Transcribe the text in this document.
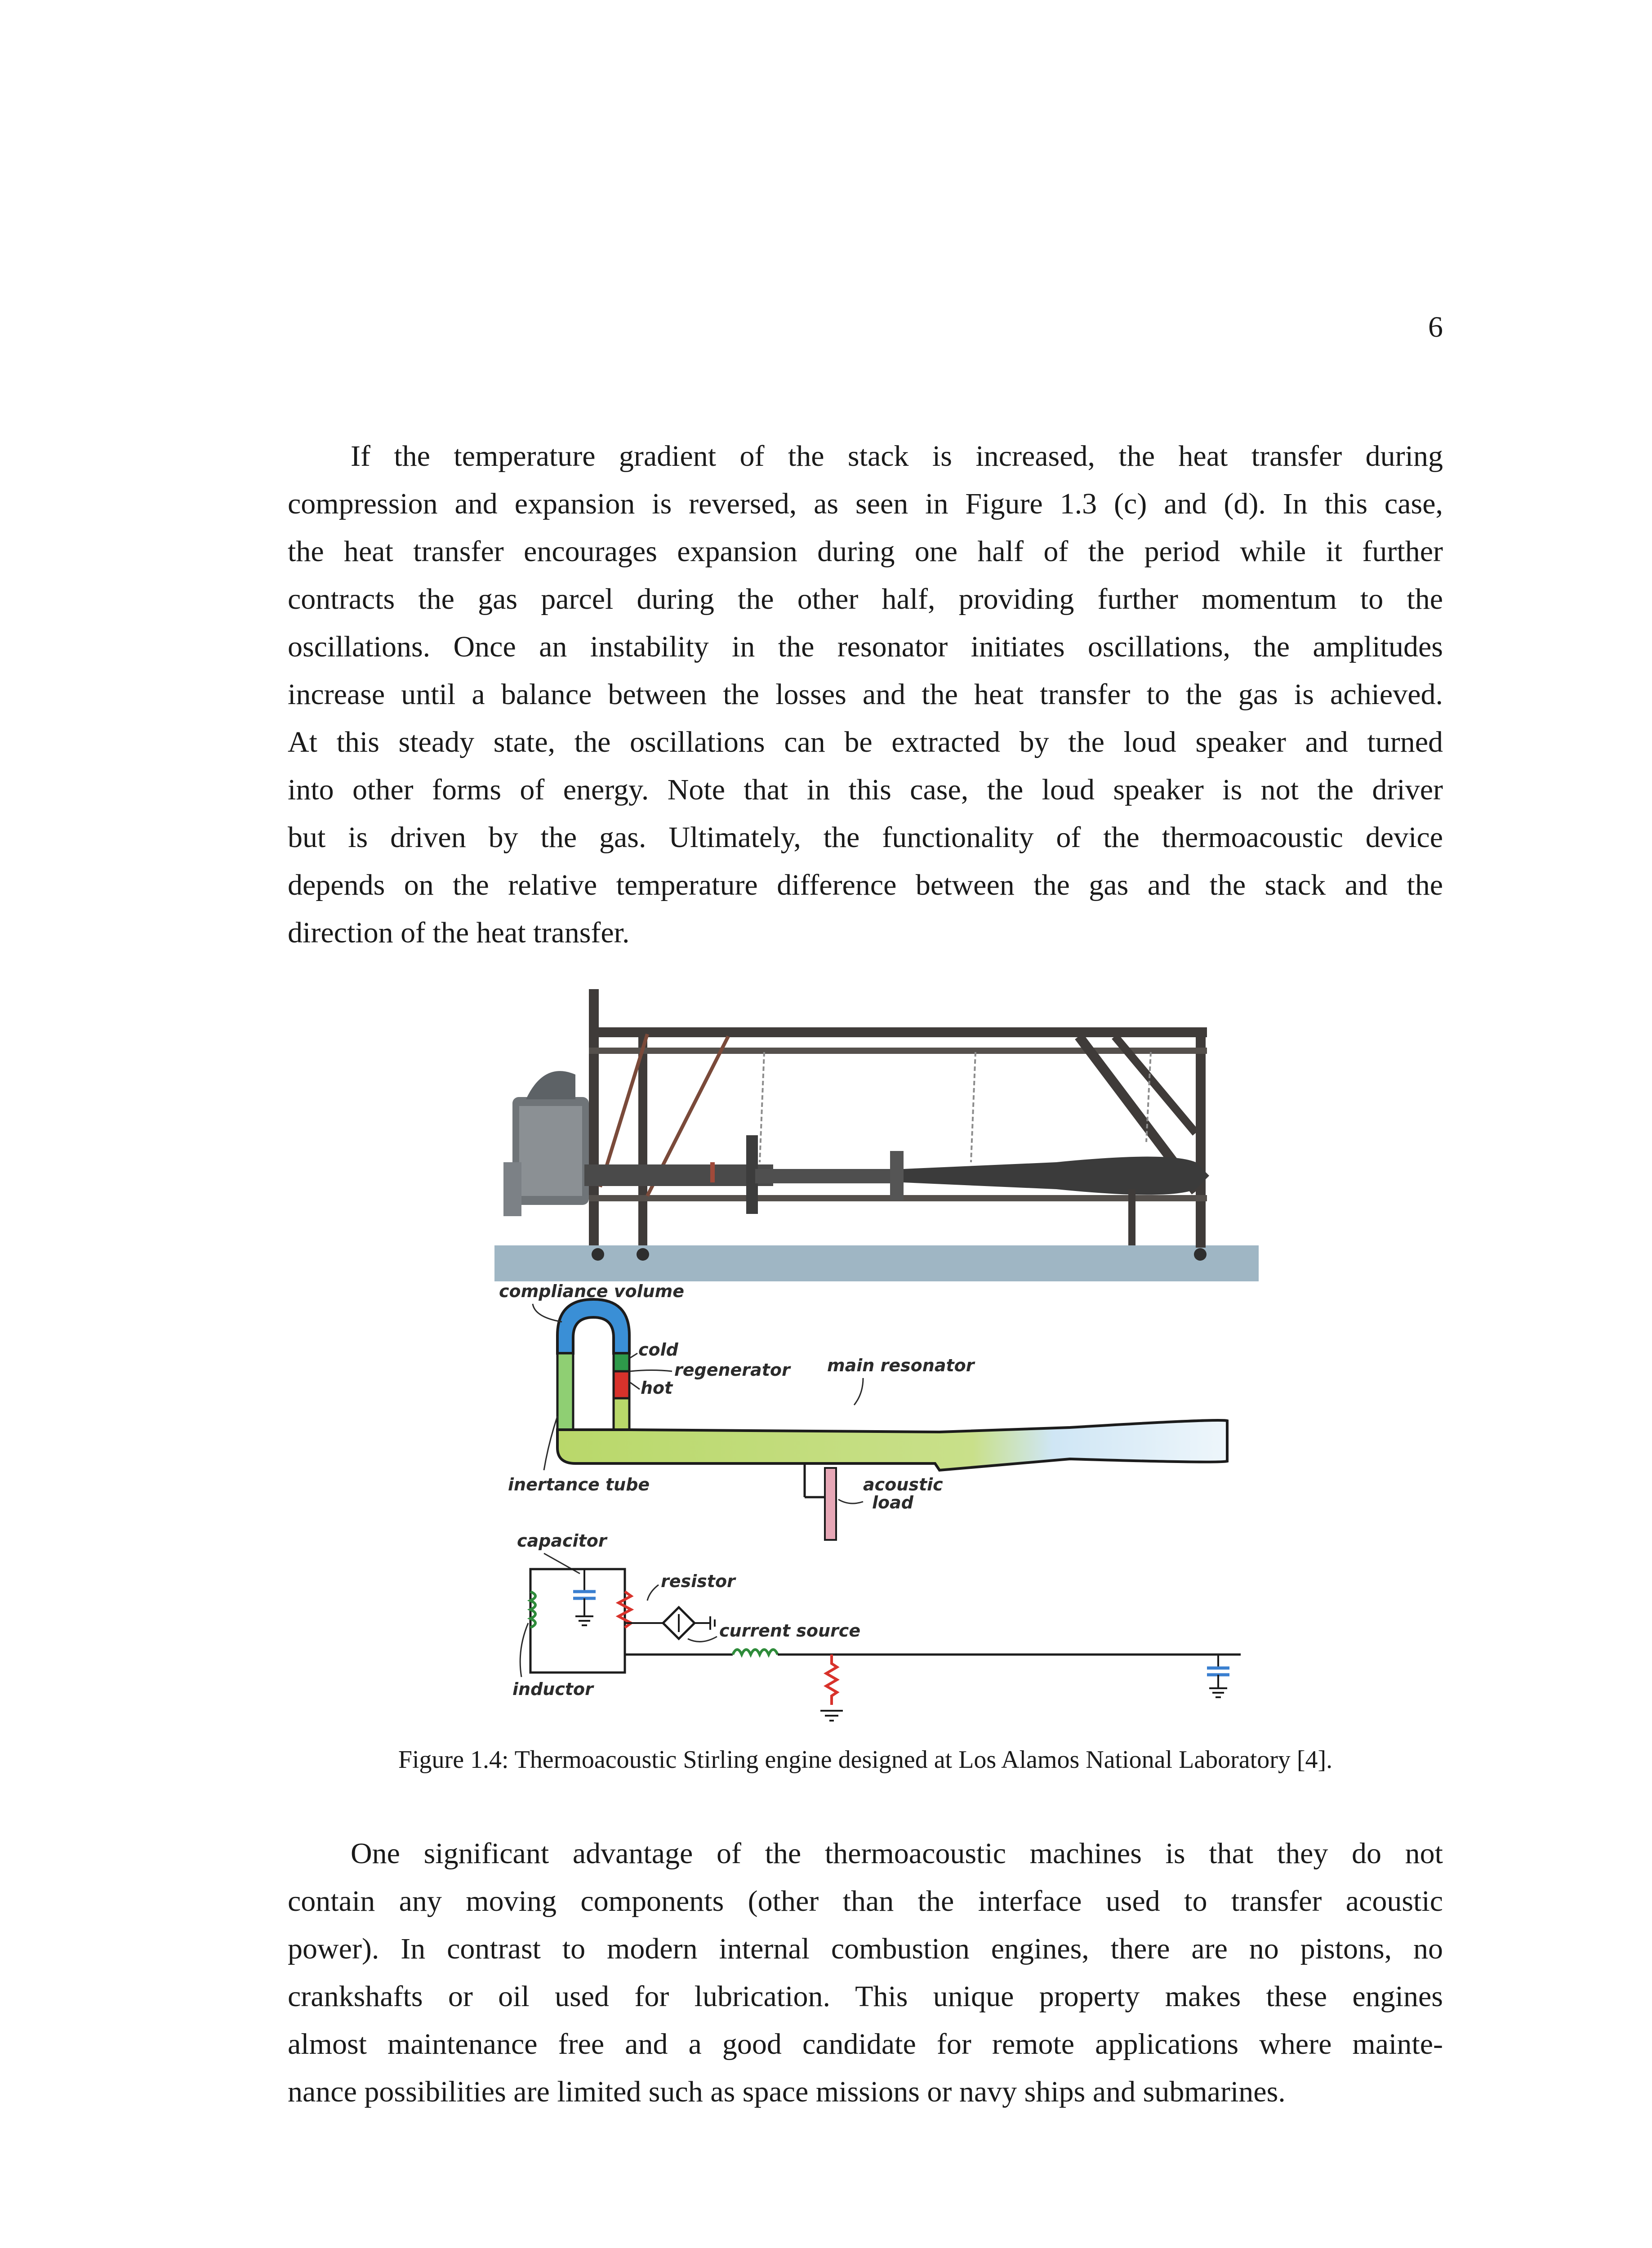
6
If the temperature gradient of the stack is increased, the heat transfer during
compression and expansion is reversed, as seen in Figure 1.3 (c) and (d). In this case,
the heat transfer encourages expansion during one half of the period while it further
contracts the gas parcel during the other half, providing further momentum to the
oscillations. Once an instability in the resonator initiates oscillations, the amplitudes
increase until a balance between the losses and the heat transfer to the gas is achieved.
At this steady state, the oscillations can be extracted by the loud speaker and turned
into other forms of energy. Note that in this case, the loud speaker is not the driver
but is driven by the gas. Ultimately, the functionality of the thermoacoustic device
depends on the relative temperature difference between the gas and the stack and the
direction of the heat transfer.
compliance volume
cold
regenerator
hot
main resonator
inertance tube	acoustic
load
capacitor
resistor
current source
inductor
Figure 1.4: Thermoacoustic Stirling engine designed at Los Alamos National Laboratory [4].
One significant advantage of the thermoacoustic machines is that they do not
contain any moving components (other than the interface used to transfer acoustic
power). In contrast to modern internal combustion engines, there are no pistons, no
crankshafts or oil used for lubrication. This unique property makes these engines
almost maintenance free and a good candidate for remote applications where mainte-
nance possibilities are limited such as space missions or navy ships and submarines.
